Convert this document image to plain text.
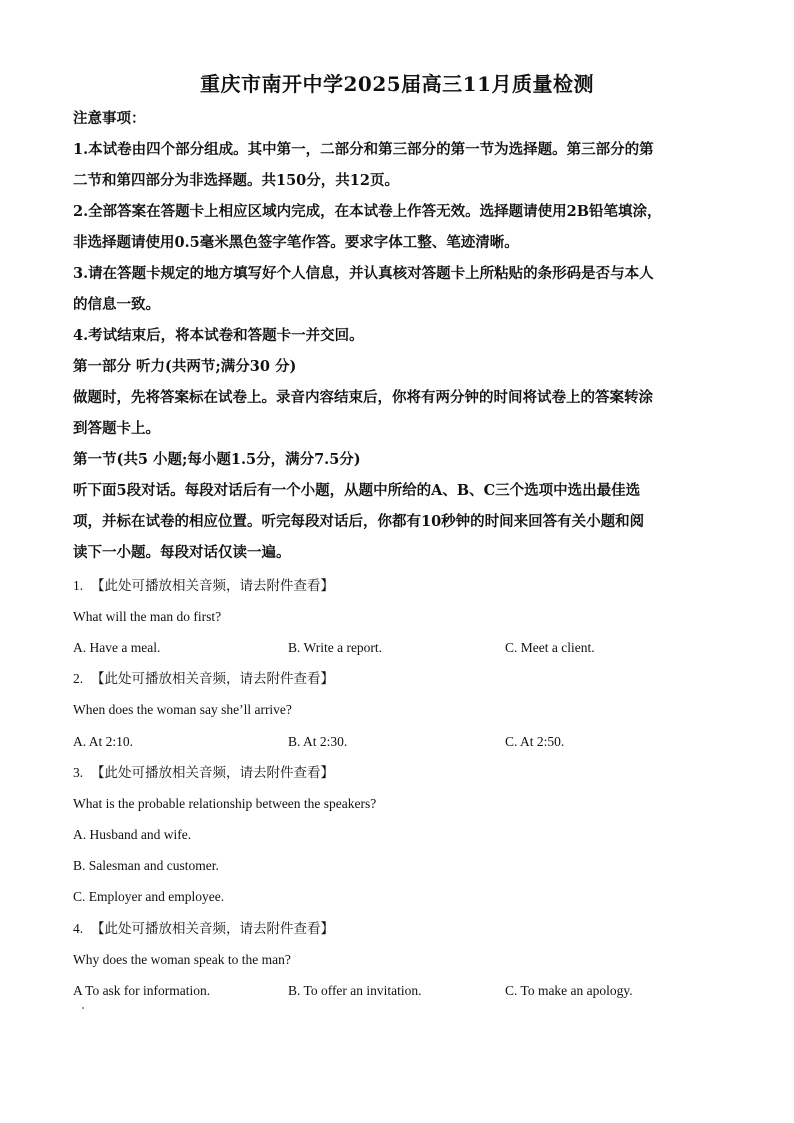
重庆市南开中学2025届高三11月质量检测
注意事项：
1.本试卷由四个部分组成。其中第一，二部分和第三部分的第一节为选择题。第三部分的第
二节和第四部分为非选择题。共150分，共12页。
2.全部答案在答题卡上相应区域内完成，在本试卷上作答无效。选择题请使用2B铅笔填涂，
非选择题请使用0.5毫米黑色签字笔作答。要求字体工整、笔迹清晰。
3.请在答题卡规定的地方填写好个人信息，并认真核对答题卡上所粘贴的条形码是否与本人
的信息一致。
4.考试结束后，将本试卷和答题卡一并交回。
第一部分 听力(共两节;满分30 分)
做题时，先将答案标在试卷上。录音内容结束后，你将有两分钟的时间将试卷上的答案转涂
到答题卡上。
第一节(共5 小题;每小题1.5分，满分7.5分)
听下面5段对话。每段对话后有一个小题，从题中所给的A、B、C三个选项中选出最佳选
项，并标在试卷的相应位置。听完每段对话后，你都有10秒钟的时间来回答有关小题和阅
读下一小题。每段对话仅读一遍。
1. 【此处可播放相关音频，请去附件查看】
What will the man do first?
A. Have a meal.	B. Write a report.	C. Meet a client.
2. 【此处可播放相关音频，请去附件查看】
When does the woman say she’ll arrive?
A. At 2:10.	B. At 2:30.	C. At 2:50.
3. 【此处可播放相关音频，请去附件查看】
What is the probable relationship between the speakers?
A. Husband and wife.
B. Salesman and customer.
C. Employer and employee.
4. 【此处可播放相关音频，请去附件查看】
Why does the woman speak to the man?
A To ask for information.	B. To offer an invitation.	C. To make an apology.
